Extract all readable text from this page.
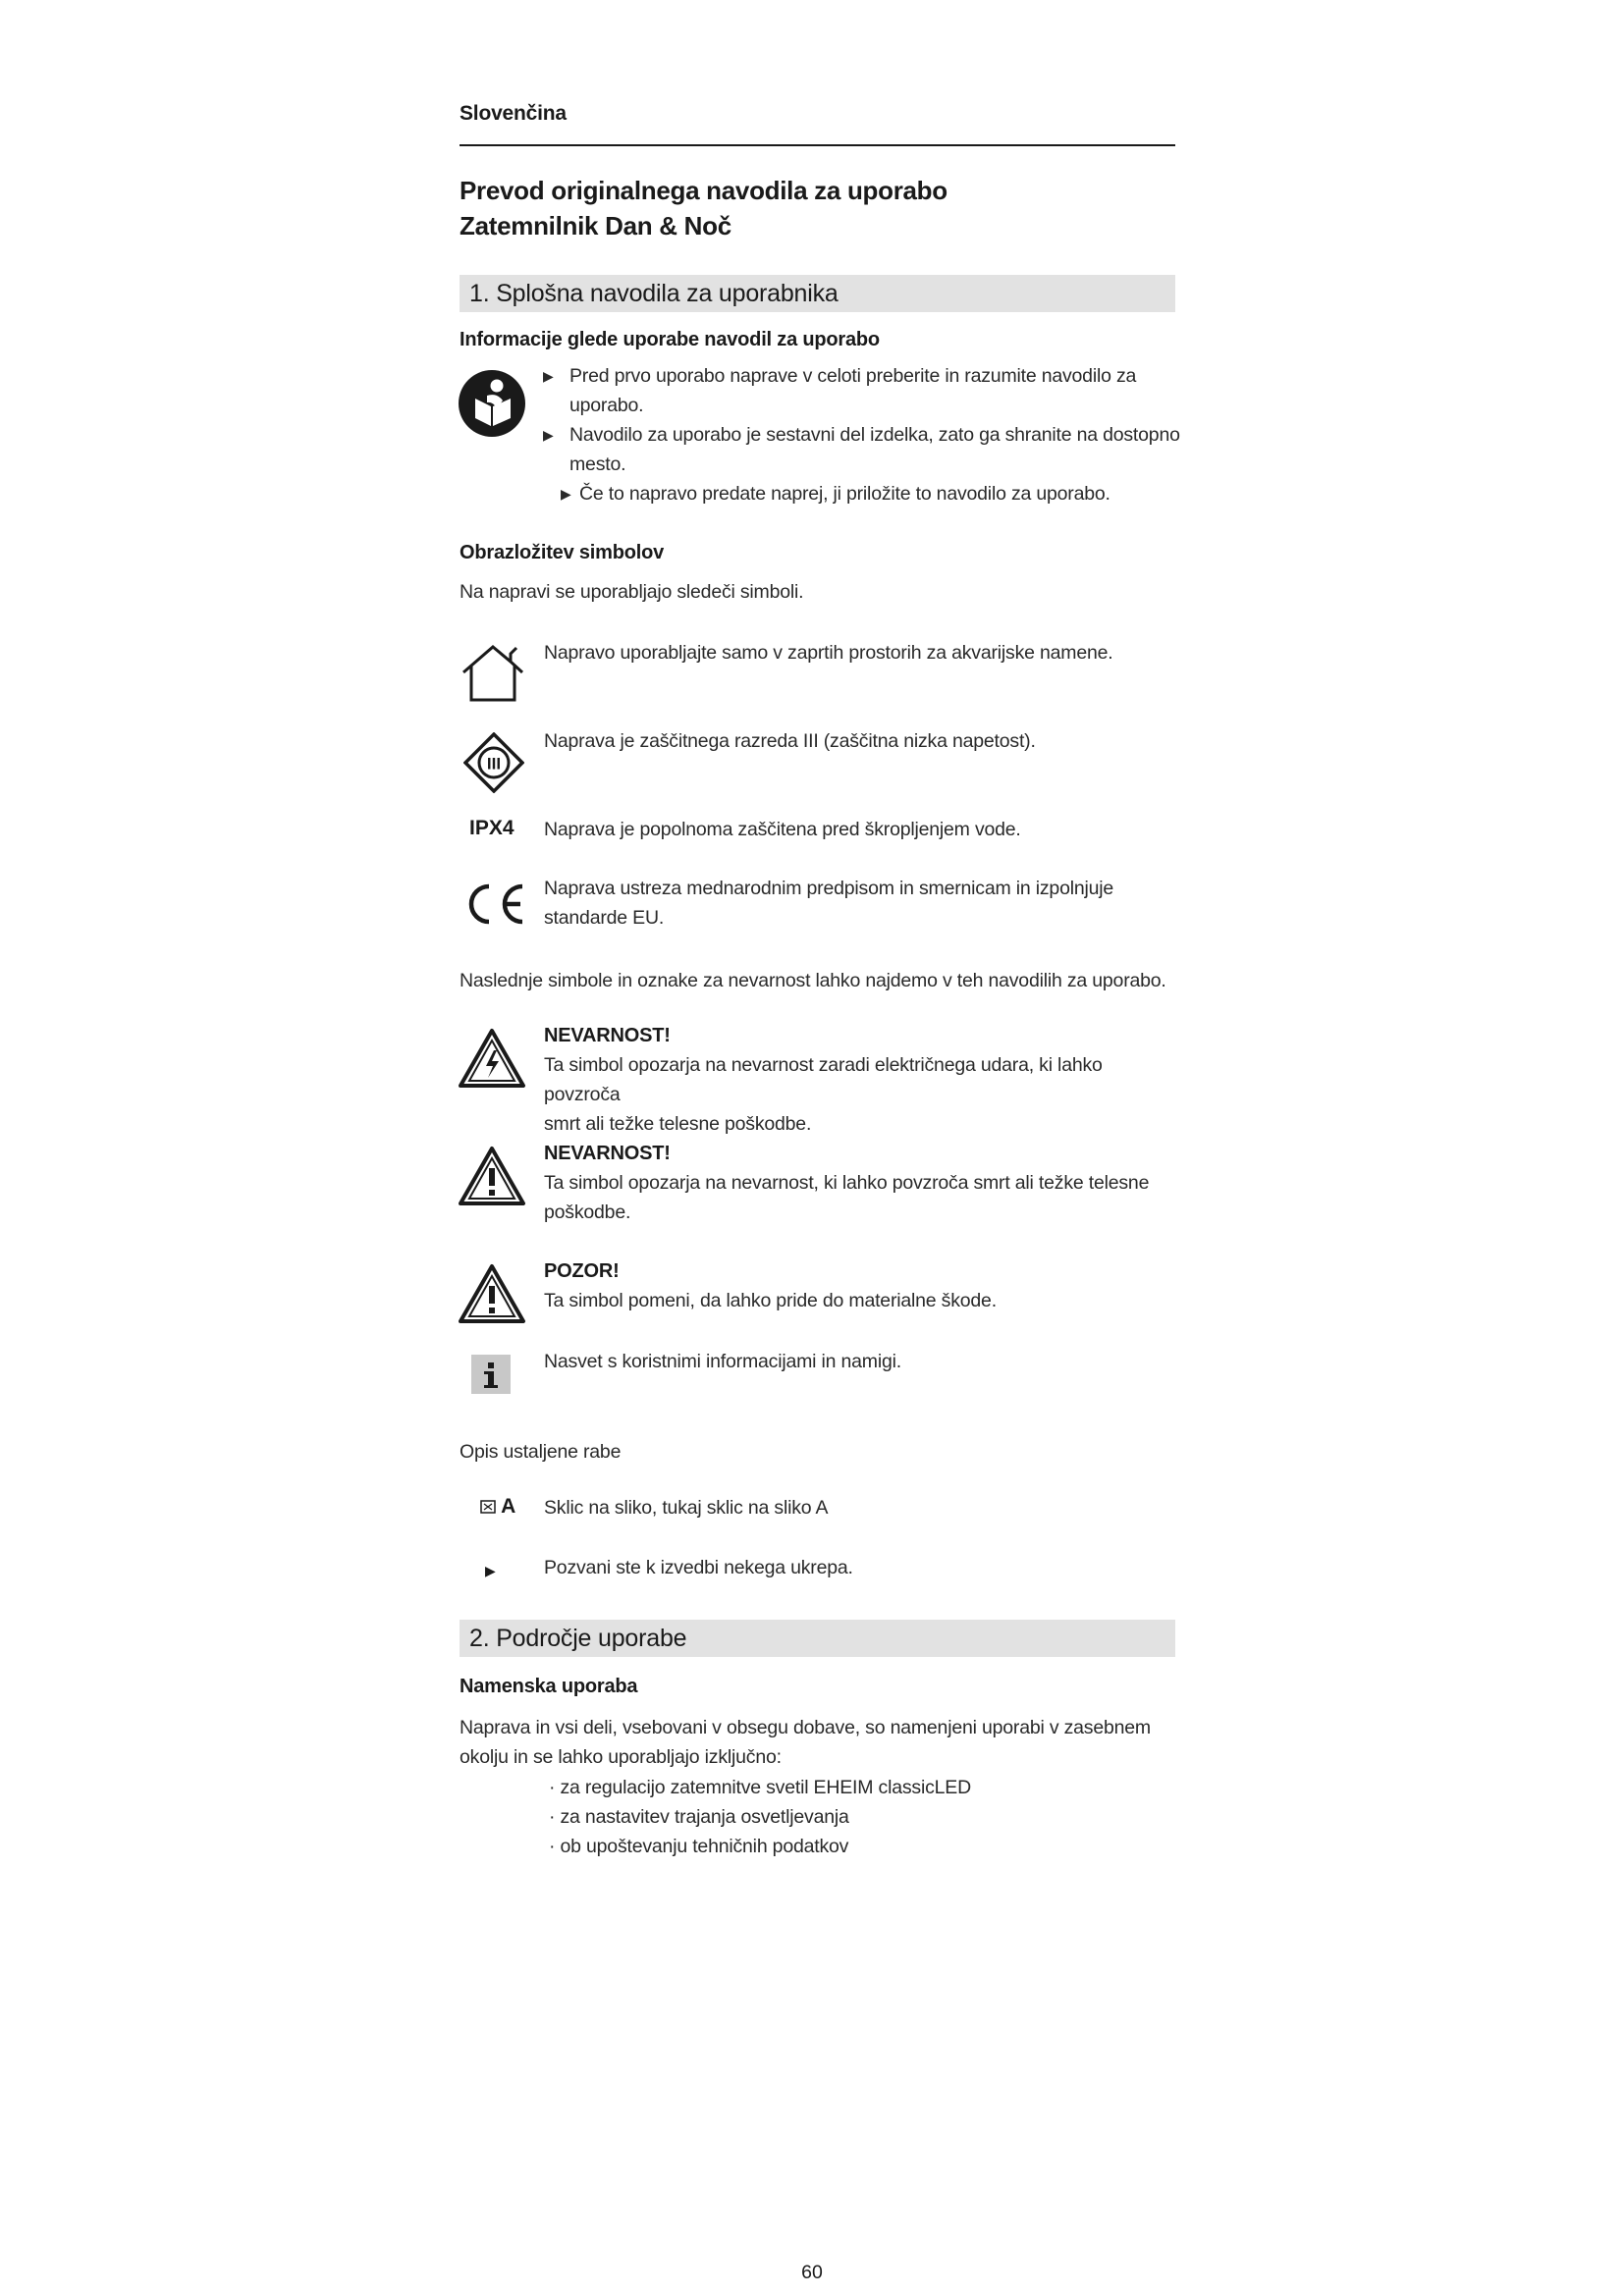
Slovenčina
Prevod originalnega navodila za uporabo
Zatemnilnik Dan & Noč
1. Splošna navodila za uporabnika
Informacije glede uporabe navodil za uporabo
▶ Pred prvo uporabo naprave v celoti preberite in razumite navodilo za uporabo.
▶ Navodilo za uporabo je sestavni del izdelka, zato ga shranite na dostopno mesto.
▶ Če to napravo predate naprej, ji priložite to navodilo za uporabo.
Obrazložitev simbolov
Na napravi se uporabljajo sledeči simboli.
Napravo uporabljajte samo v zaprtih prostorih za akvarijske namene.
III
Naprava je zaščitnega razreda III (zaščitna nizka napetost).
IPX4 Naprava je popolnoma zaščitena pred škropljenjem vode.
Naprava ustreza mednarodnim predpisom in smernicam in izpolnjuje
standarde EU.
Naslednje simbole in oznake za nevarnost lahko najdemo v teh navodilih za uporabo.
NEVARNOST!
Ta simbol opozarja na nevarnost zaradi električnega udara, ki lahko povzroča
smrt ali težke telesne poškodbe.
NEVARNOST!
Ta simbol opozarja na nevarnost, ki lahko povzroča smrt ali težke telesne
poškodbe.
POZOR!
Ta simbol pomeni, da lahko pride do materialne škode.
Nasvet s koristnimi informacijami in namigi.
Opis ustaljene rabe
A Sklic na sliko, tukaj sklic na sliko A
▶	Pozvani ste k izvedbi nekega ukrepa.
2. Področje uporabe
Namenska uporaba
Naprava in vsi deli, vsebovani v obsegu dobave, so namenjeni uporabi v zasebnem
okolju in se lahko uporabljajo izključno:
· za regulacijo zatemnitve svetil EHEIM classicLED
· za nastavitev trajanja osvetljevanja
· ob upoštevanju tehničnih podatkov
60
